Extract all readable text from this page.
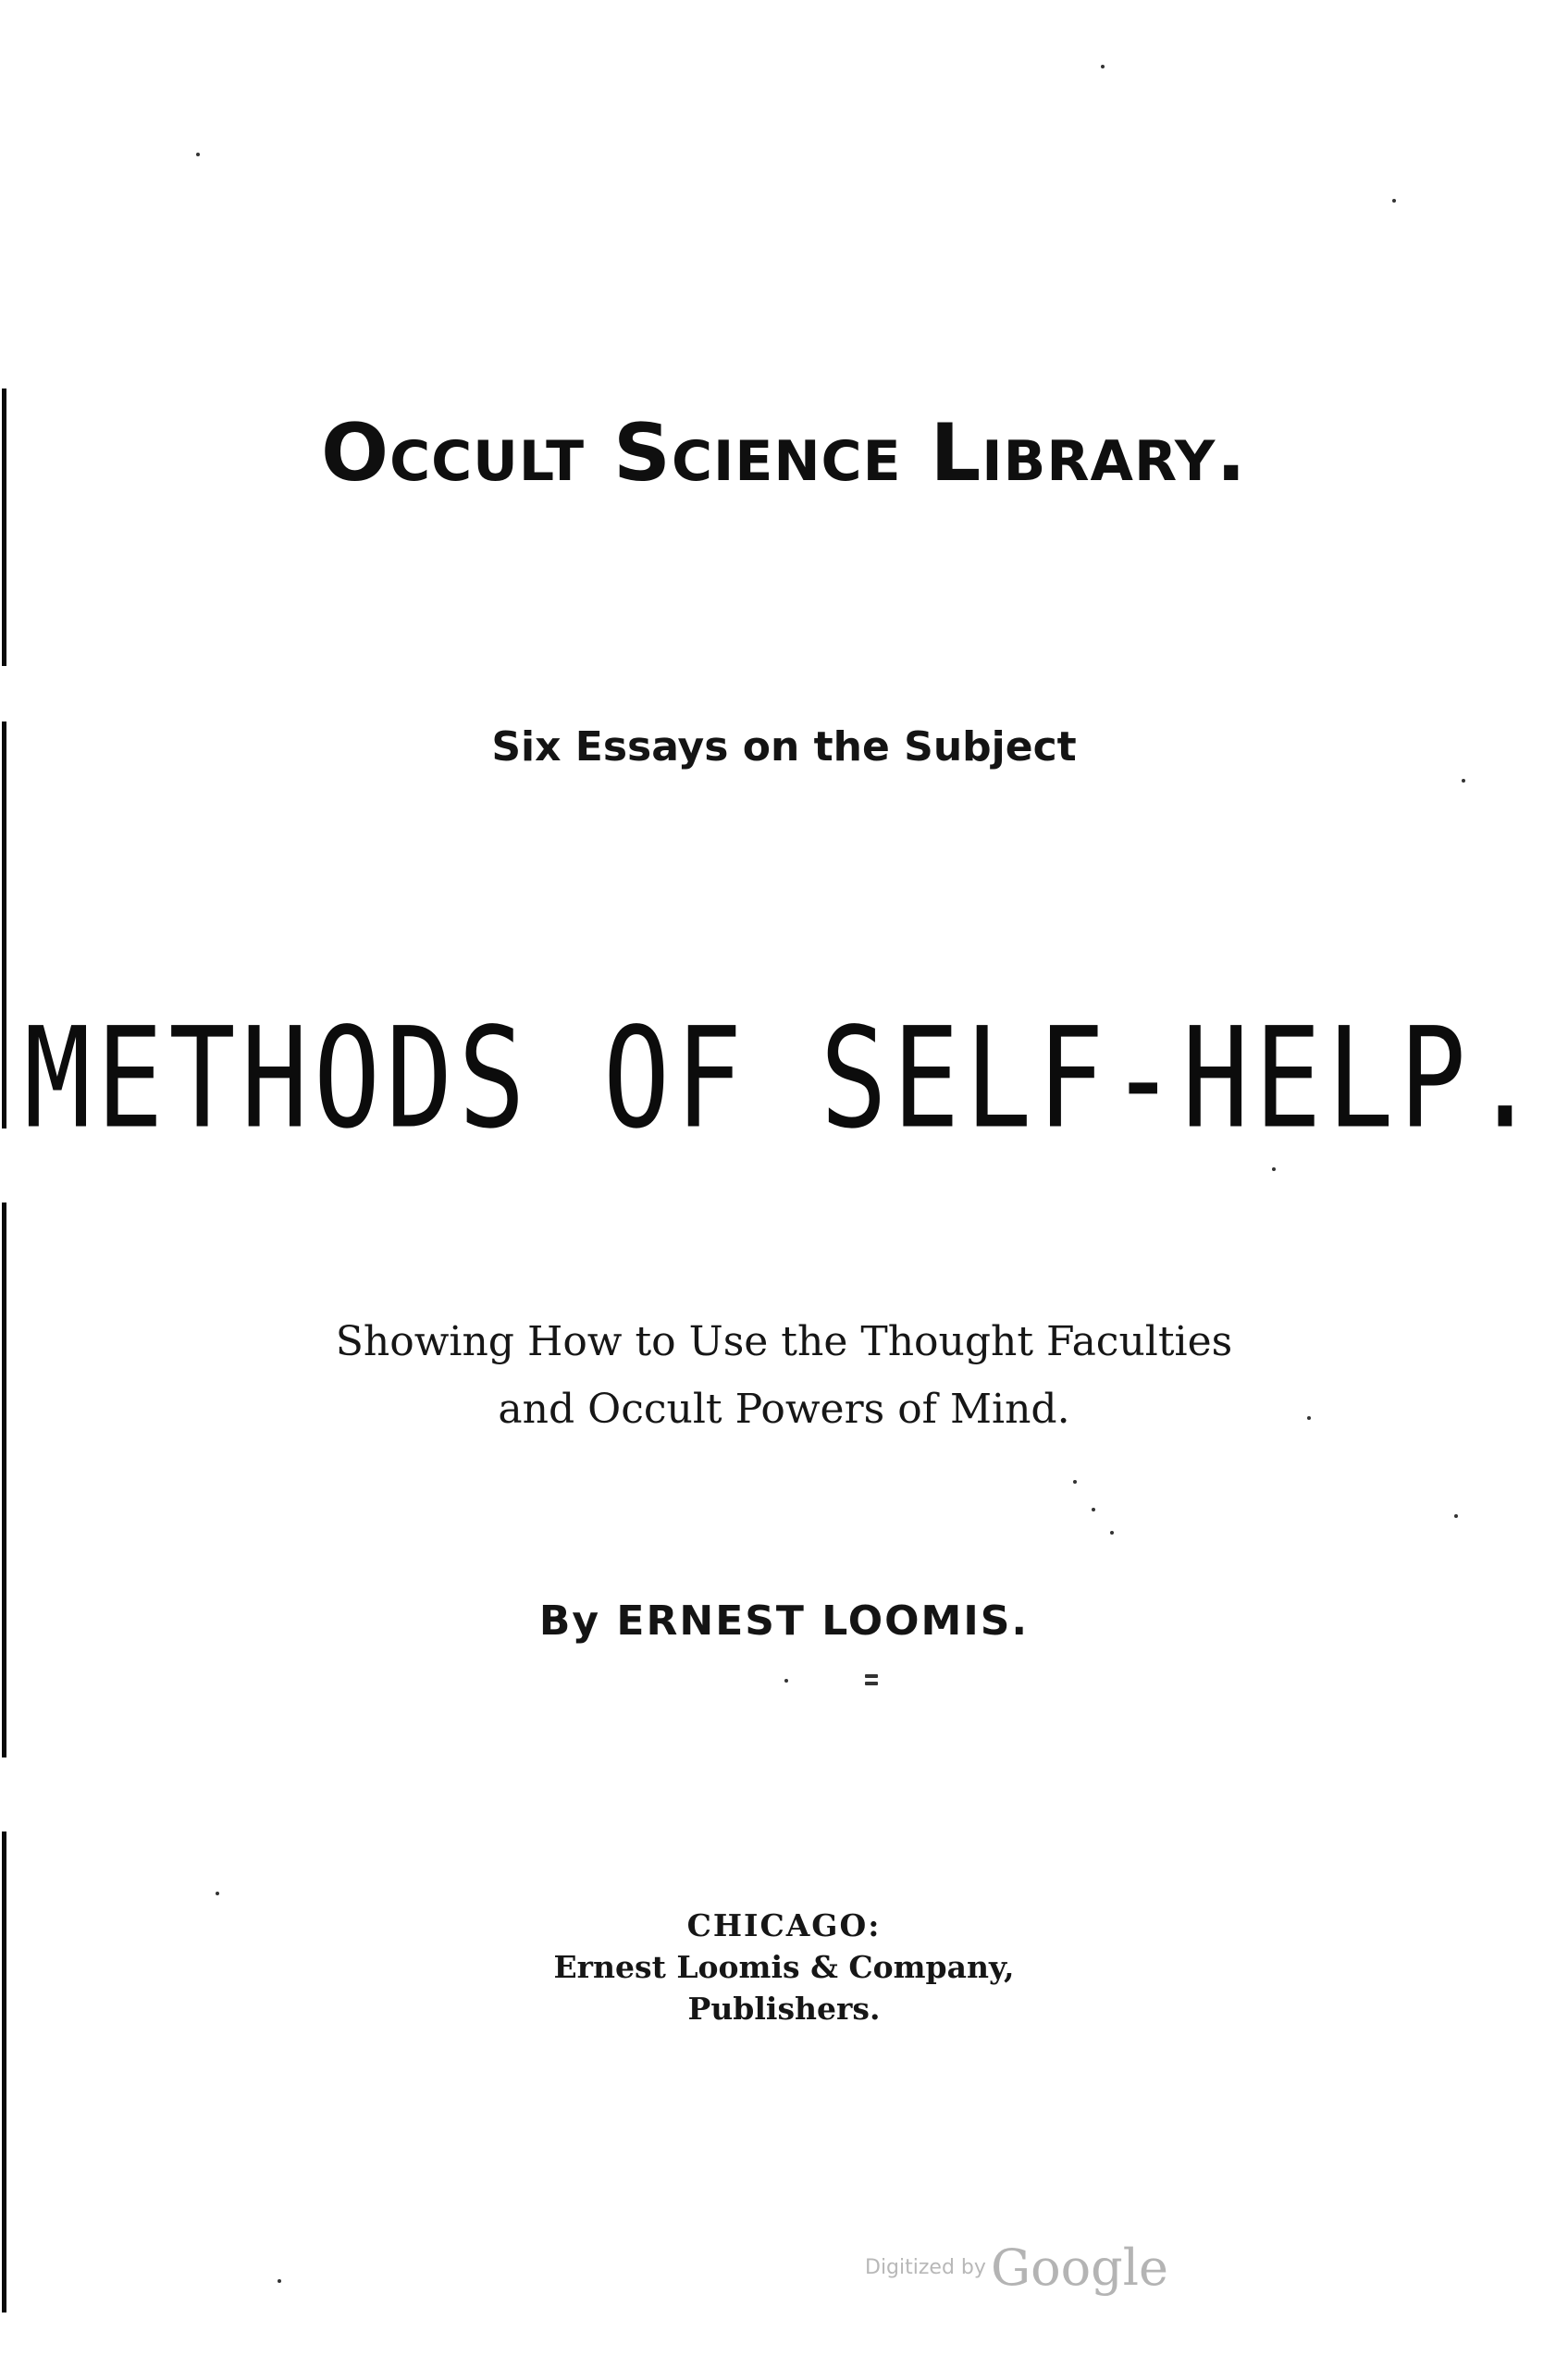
Occult Science Library.
Six Essays on the Subject
METHODS OF SELF-HELP.
Showing How to Use the Thought Faculties
and Occult Powers of Mind.
By ERNEST LOOMIS.
CHICAGO:
Ernest Loomis & Company,
Publishers.
Digitized by Google
